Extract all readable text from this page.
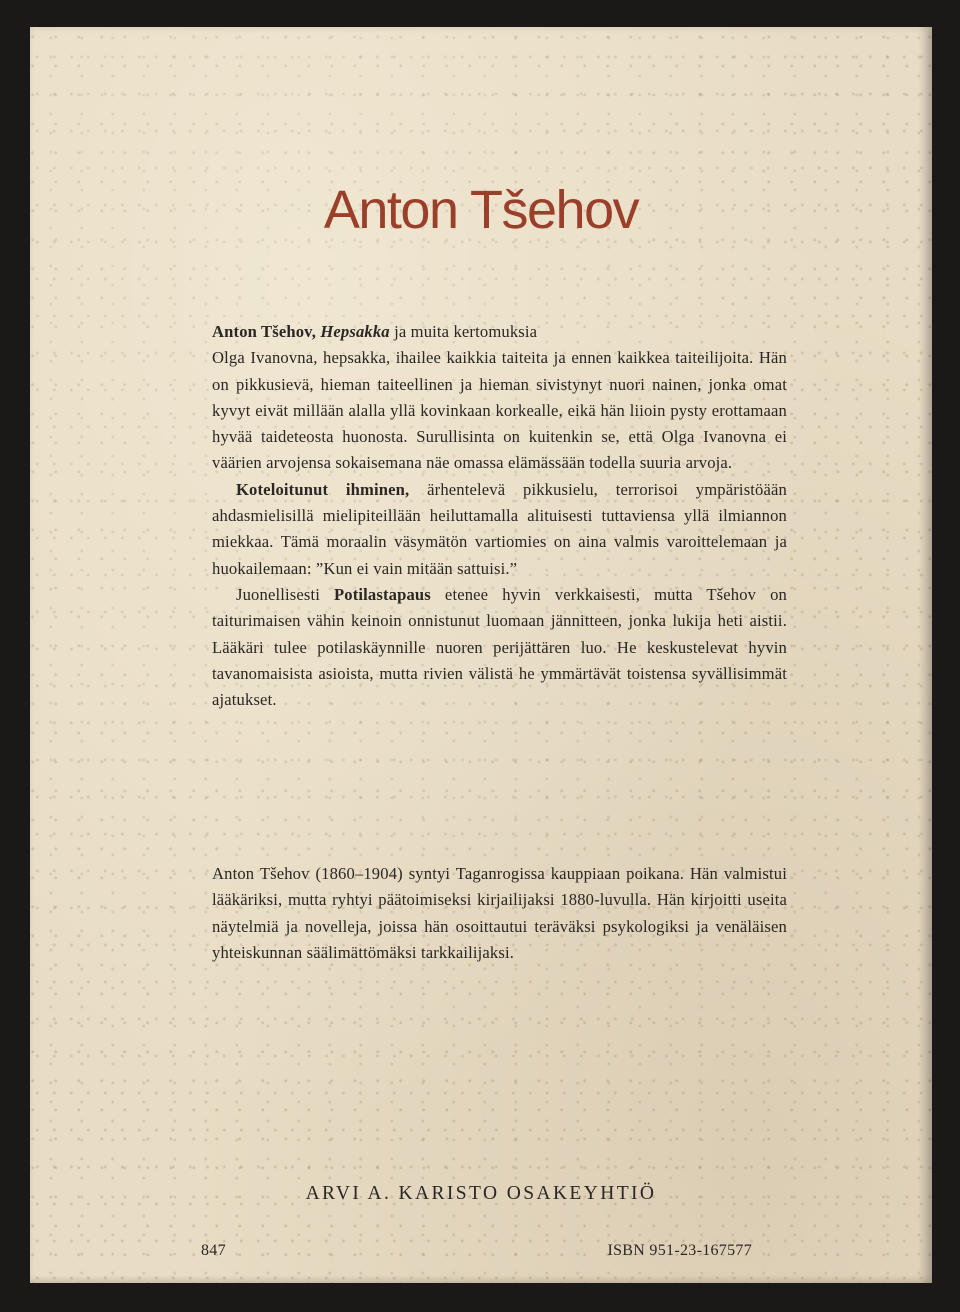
Anton Tšehov

Anton Tšehov, Hepsakka ja muita kertomuksia

Olga Ivanovna, hepsakka, ihailee kaikkia taiteita ja ennen kaikkea taiteilijoita. Hän on pikkusievä, hieman taiteellinen ja hieman sivistynyt nuori nainen, jonka omat kyvyt eivät millään alalla yllä kovinkaan korkealle, eikä hän liioin pysty erottamaan hyvää taideteosta huonosta. Surullisinta on kuitenkin se, että Olga Ivanovna ei väärien arvojensa sokaisemana näe omassa elämässään todella suuria arvoja.

Koteloitunut ihminen, ärhentelevä pikkusielu, terrorisoi ympäristöään ahdasmielisillä mielipiteillään heiluttamalla alituisesti tuttaviensa yllä ilmiannon miekkaa. Tämä moraalin väsymätön vartiomies on aina valmis varoittelemaan ja huokailemaan: ”Kun ei vain mitään sattuisi.”

Juonellisesti Potilastapaus etenee hyvin verkkaisesti, mutta Tšehov on taiturimaisen vähin keinoin onnistunut luomaan jännitteen, jonka lukija heti aistii. Lääkäri tulee potilaskäynnille nuoren perijättären luo. He keskustelevat hyvin tavanomaisista asioista, mutta rivien välistä he ymmärtävät toistensa syvällisimmät ajatukset.

Anton Tšehov (1860–1904) syntyi Taganrogissa kauppiaan poikana. Hän valmistui lääkäriksi, mutta ryhtyi päätoimiseksi kirjailijaksi 1880-luvulla. Hän kirjoitti useita näytelmiä ja novelleja, joissa hän osoittautui teräväksi psykologiksi ja venäläisen yhteiskunnan säälimättömäksi tarkkailijaksi.

ARVI A. KARISTO OSAKEYHTIÖ

847	ISBN 951-23-167577
